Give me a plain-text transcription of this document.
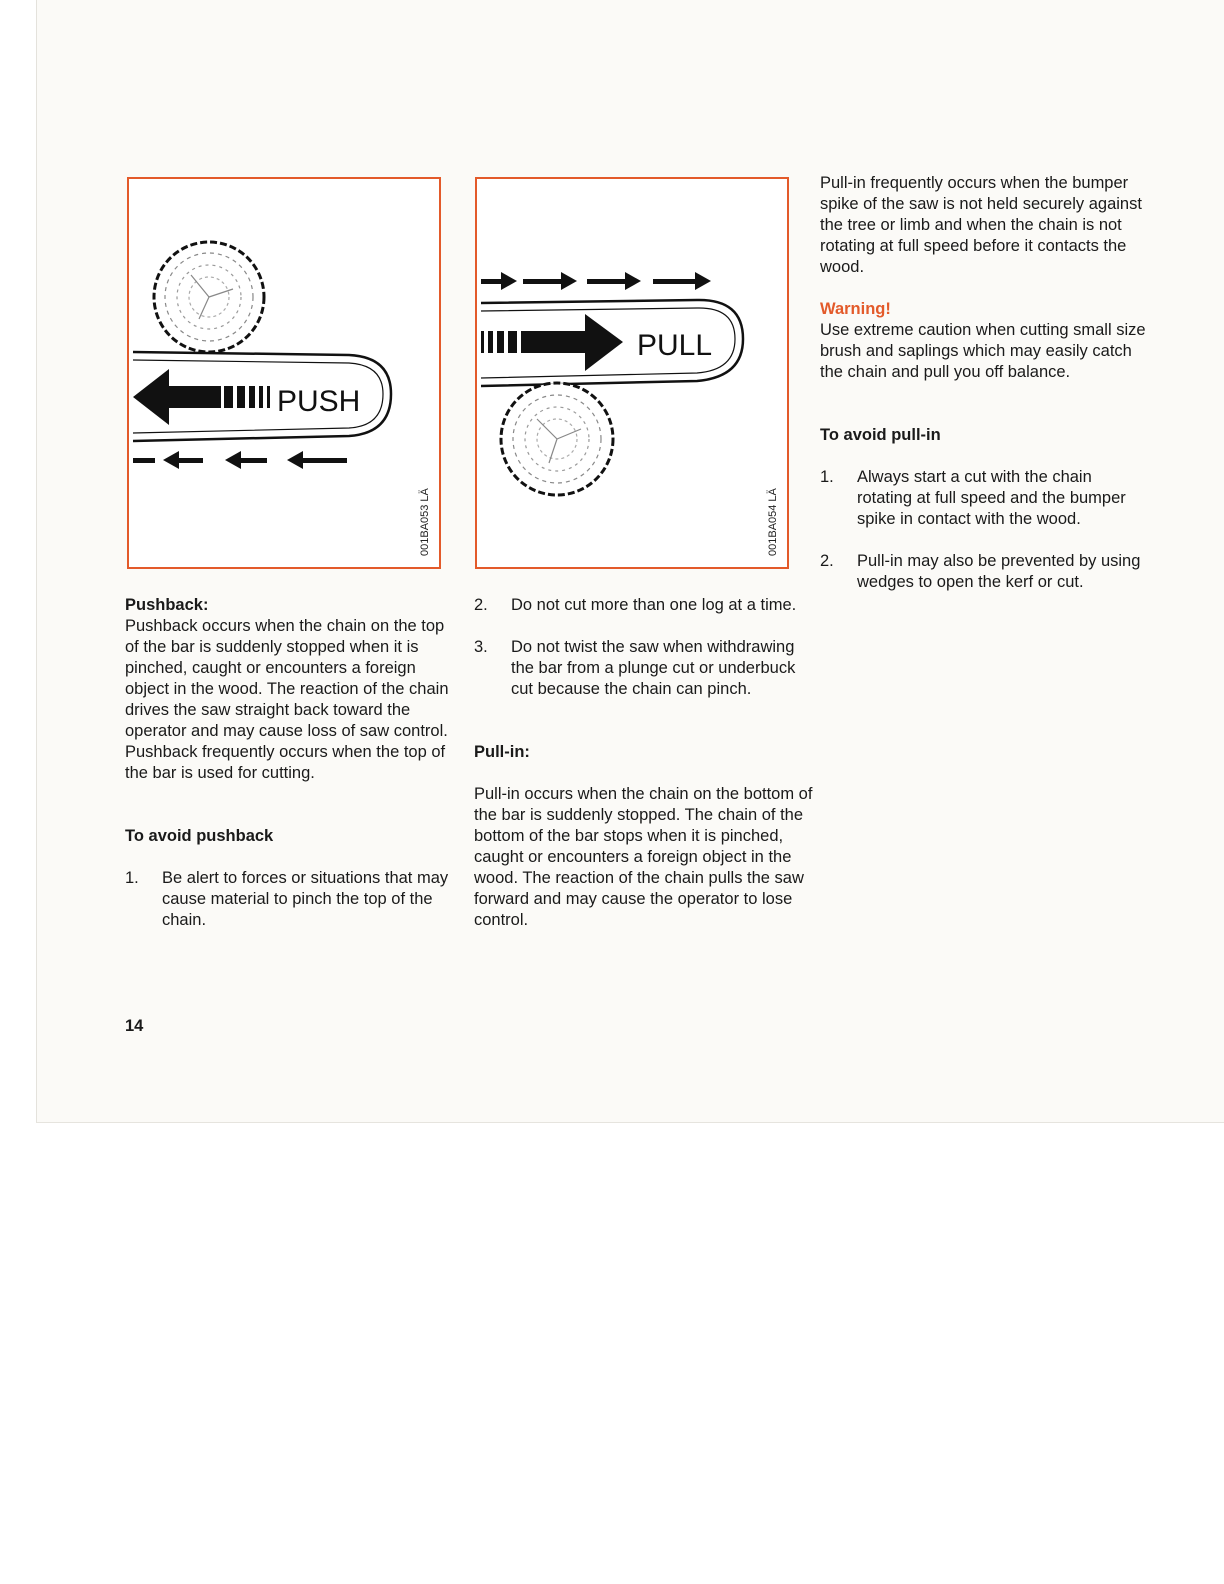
PUSH
001BA053 LÄ
PULL
001BA054 LÄ

Pushback:

Pushback occurs when the chain on the top of the bar is suddenly stopped when it is pinched, caught or encounters a foreign object in the wood. The reaction of the chain drives the saw straight back toward the operator and may cause loss of saw control. Pushback frequently occurs when the top of the bar is used for cutting.

To avoid pushback

1. Be alert to forces or situations that may cause material to pinch the top of the chain.
2. Do not cut more than one log at a time.
3. Do not twist the saw when withdrawing the bar from a plunge cut or underbuck cut because the chain can pinch.

Pull-in:

Pull-in occurs when the chain on the bottom of the bar is suddenly stopped. The chain of the bottom of the bar stops when it is pinched, caught or encounters a foreign object in the wood. The reaction of the chain pulls the saw forward and may cause the operator to lose control.

Pull-in frequently occurs when the bumper spike of the saw is not held securely against the tree or limb and when the chain is not rotating at full speed before it contacts the wood.

Warning!

Use extreme caution when cutting small size brush and saplings which may easily catch the chain and pull you off balance.

To avoid pull-in

1. Always start a cut with the chain rotating at full speed and the bumper spike in contact with the wood.
2. Pull-in may also be prevented by using wedges to open the kerf or cut.
14
